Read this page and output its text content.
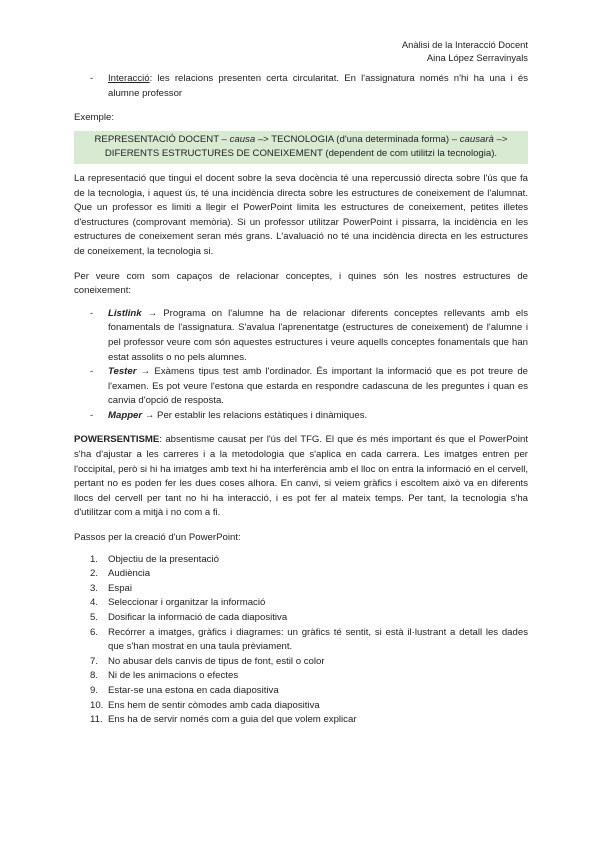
Anàlisi de la Interacció Docent
Aina López Serravinyals
- Interacció: les relacions presenten certa circularitat. En l'assignatura només n'hi ha una i és alumne professor

Exemple:

REPRESENTACIÓ DOCENT – causa –> TECNOLOGIA (d'una determinada forma) – causarà –> DIFERENTS ESTRUCTURES DE CONEIXEMENT (dependent de com utilitzi la tecnologia).

La representació que tingui el docent sobre la seva docència té una repercussió directa sobre l'ús que fa de la tecnologia, i aquest ús, té una incidència directa sobre les estructures de coneixement de l'alumnat. Que un professor es limiti a llegir el PowerPoint limita les estructures de coneixement, petites illetes d'estructures (comprovant memòria). Si un professor utilitzar PowerPoint i pissarra, la incidència en les estructures de coneixement seran més grans. L'avaluació no té una incidència directa en les estructures de coneixement, la tecnologia si.

Per veure com som capaços de relacionar conceptes, i quines són les nostres estructures de coneixement:

- Listlink → Programa on l'alumne ha de relacionar diferents conceptes rellevants amb els fonamentals de l'assignatura. S'avalua l'aprenentatge (estructures de coneixement) de l'alumne i pel professor veure com són aquestes estructures i veure aquells conceptes fonamentals que han estat assolits o no pels alumnes.
- Tester → Exàmens tipus test amb l'ordinador. És important la informació que es pot treure de l'examen. Es pot veure l'estona que estarda en respondre cadascuna de les preguntes i quan es canvia d'opció de resposta.
- Mapper → Per establir les relacions estàtiques i dinàmiques.

POWERSENTISME: absentisme causat per l'ús del TFG. El que és més important és que el PowerPoint s'ha d'ajustar a les carreres i a la metodologia que s'aplica en cada carrera. Les imatges entren per l'occipital, però si hi ha imatges amb text hi ha interferència amb el lloc on entra la informació en el cervell, pertant no es poden fer les dues coses alhora. En canvi, si veiem gràfics i escoltem això va en diferents llocs del cervell per tant no hi ha interacció, i es pot fer al mateix temps. Per tant, la tecnologia s'ha d'utilitzar com a mitjà i no com a fi.

Passos per la creació d'un PowerPoint:

1. Objectiu de la presentació
2. Audiència
3. Espai
4. Seleccionar i organitzar la informació
5. Dosificar la informació de cada diapositiva
6. Recórrer a imatges, gràfics i diagrames: un gràfics té sentit, si està il·lustrant a detall les dades que s'han mostrat en una taula prèviament.
7. No abusar dels canvis de tipus de font, estil o color
8. Ni de les animacions o efectes
9. Estar-se una estona en cada diapositiva
10. Ens hem de sentir còmodes amb cada diapositiva
11. Ens ha de servir només com a guia del que volem explicar
